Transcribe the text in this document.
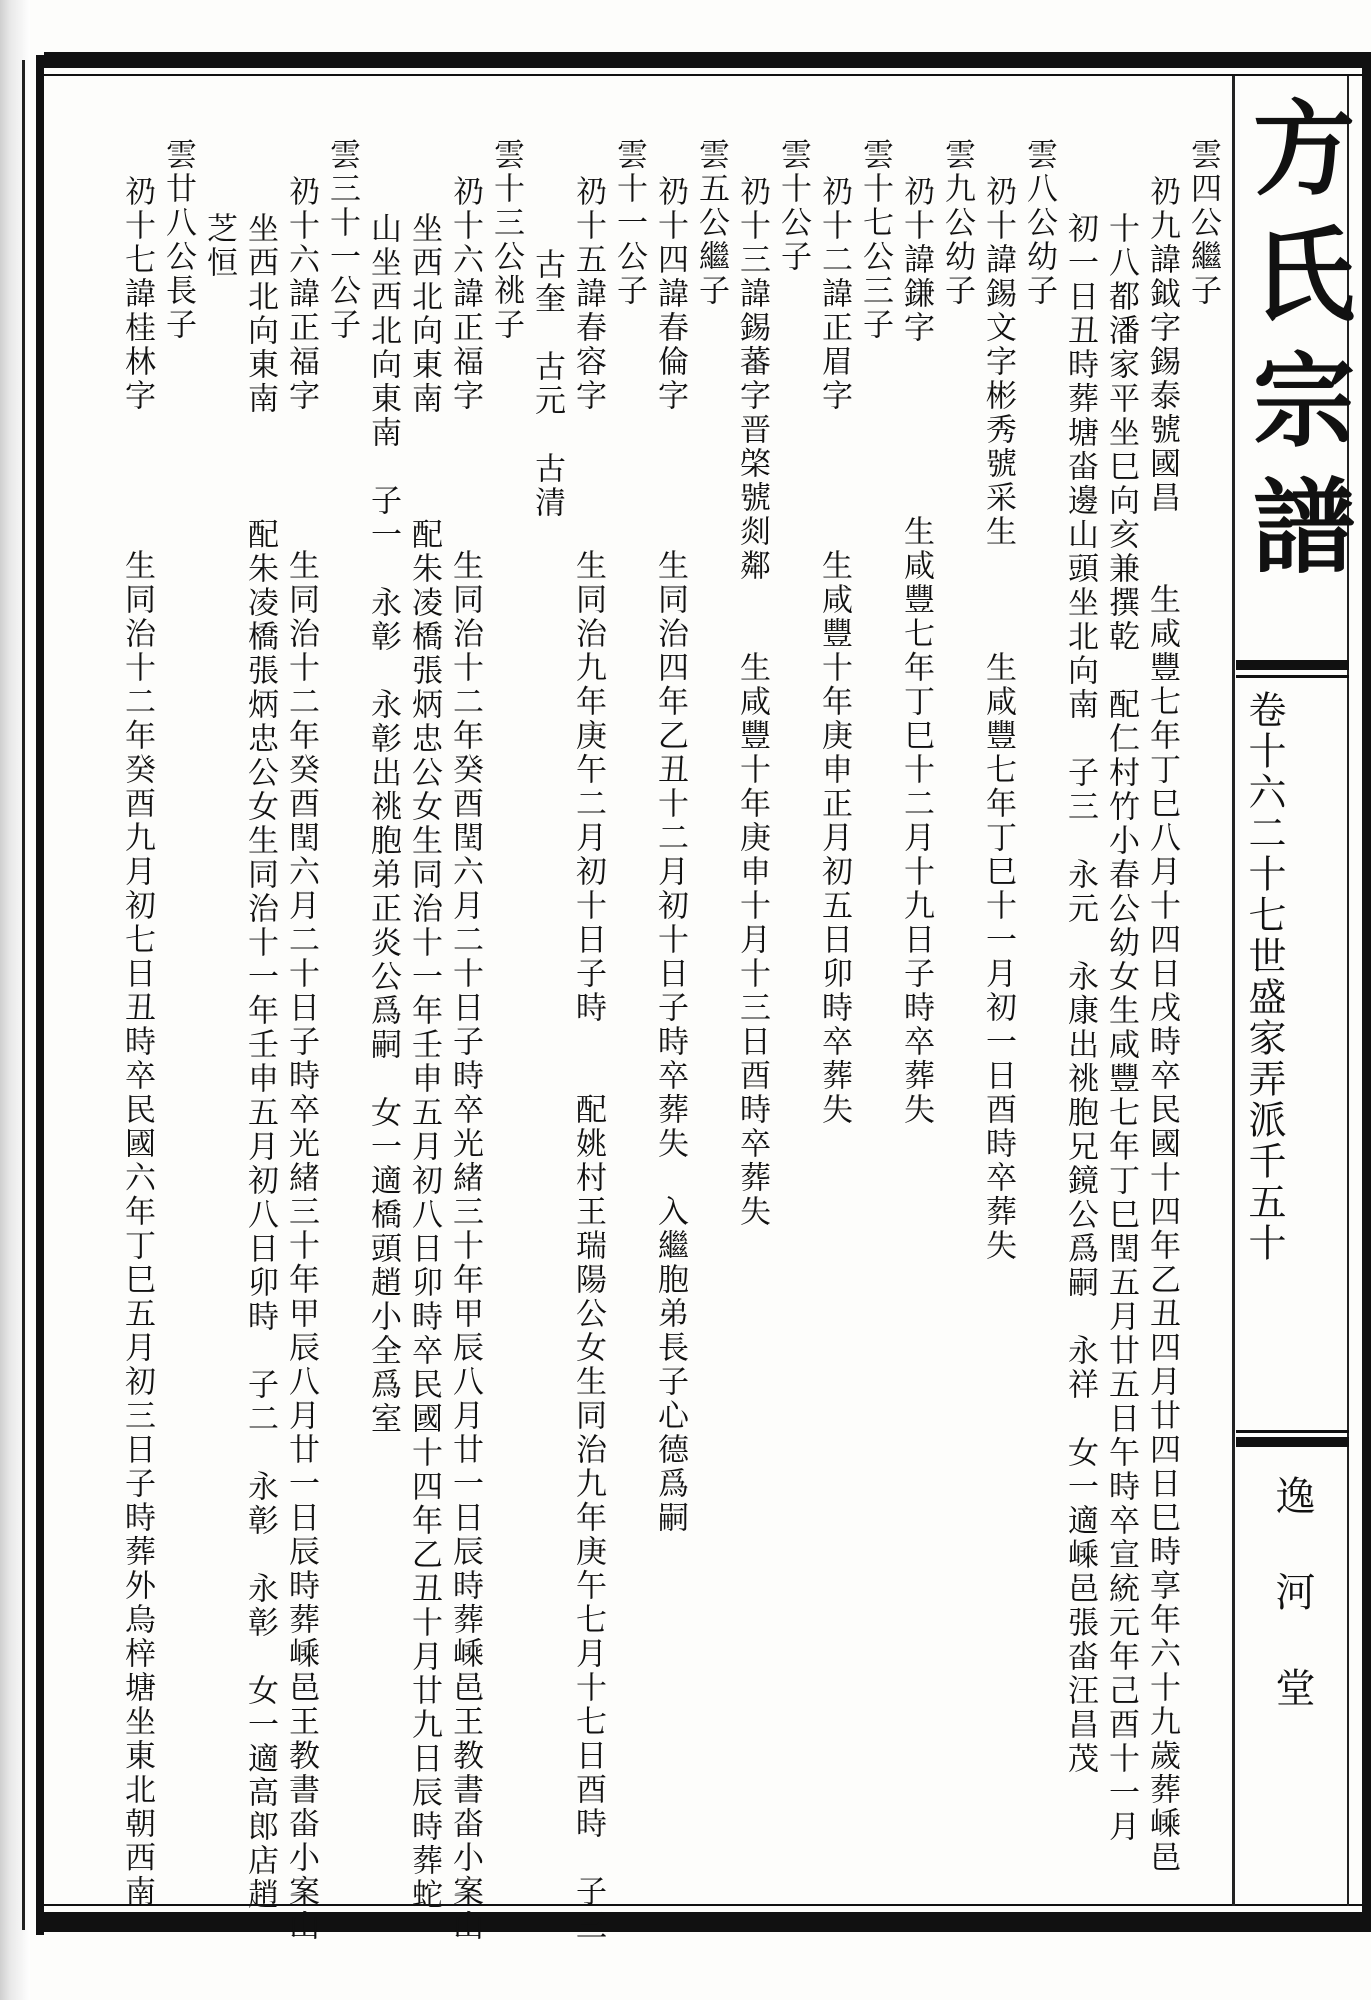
方氏宗譜
卷十六二十七世盛家弄派千五十
逸河堂
雲四公繼子
礽九諱鉞字錫泰號國昌　　生咸豐七年丁巳八月十四日戌時卒民國十四年乙丑四月廿四日巳時享年六十九歲葬嵊邑
十八都潘家平坐巳向亥兼撰乾　配仁村竹小春公幼女生咸豐七年丁巳閏五月廿五日午時卒宣統元年己酉十一月
初一日丑時葬塘畓邊山頭坐北向南　子三　永元　永康出祧胞兄鏡公爲嗣　永祥　女一適嵊邑張畓汪昌茂
雲八公幼子
礽十諱錫文字彬秀號采生　　　生咸豐七年丁巳十一月初一日酉時卒葬失
雲九公幼子
礽十諱鎌字　　　　　生咸豐七年丁巳十二月十九日子時卒葬失
雲十七公三子
礽十二諱正眉字　　　　生咸豐十年庚申正月初五日卯時卒葬失
雲十公子
礽十三諱錫蕃字晋棨號剡鄰　　生咸豐十年庚申十月十三日酉時卒葬失
雲五公繼子
礽十四諱春倫字　　　　生同治四年乙丑十二月初十日子時卒葬失　入繼胞弟長子心德爲嗣
雲十一公子
礽十五諱春容字　　　　生同治九年庚午二月初十日子時　　配姚村王瑞陽公女生同治九年庚午七月十七日酉時　子三
古奎　古元　古清
雲十三公祧子
礽十六諱正福字　　　　生同治十二年癸酉閏六月二十日子時卒光緒三十年甲辰八月廿一日辰時葬嵊邑王教書畓小案山
坐西北向東南　　　配朱凌橋張炳忠公女生同治十一年壬申五月初八日卯時卒民國十四年乙丑十月廿九日辰時葬蛇
山坐西北向東南　子一　永彰　永彰出祧胞弟正炎公爲嗣　女一適橋頭趙小全爲室
雲三十一公子
礽十六諱正福字　　　　生同治十二年癸酉閏六月二十日子時卒光緒三十年甲辰八月廿一日辰時葬嵊邑王教書畓小案山
坐西北向東南　　　配朱凌橋張炳忠公女生同治十一年壬申五月初八日卯時　子二　永彰　永彰　女一適高郎店趙
芝恒
雲廿八公長子
礽十七諱桂林字　　　　生同治十二年癸酉九月初七日丑時卒民國六年丁巳五月初三日子時葬外烏梓塘坐東北朝西南
